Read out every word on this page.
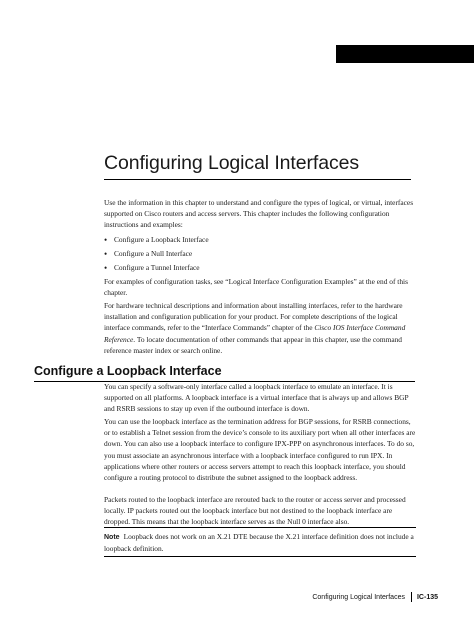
Configuring Logical Interfaces

Use the information in this chapter to understand and configure the types of logical, or virtual, interfaces supported on Cisco routers and access servers. This chapter includes the following configuration instructions and examples:

• Configure a Loopback Interface
• Configure a Null Interface
• Configure a Tunnel Interface

For examples of configuration tasks, see “Logical Interface Configuration Examples” at the end of this chapter.

For hardware technical descriptions and information about installing interfaces, refer to the hardware installation and configuration publication for your product. For complete descriptions of the logical interface commands, refer to the “Interface Commands” chapter of the Cisco IOS Interface Command Reference. To locate documentation of other commands that appear in this chapter, use the command reference master index or search online.

Configure a Loopback Interface

You can specify a software-only interface called a loopback interface to emulate an interface. It is supported on all platforms. A loopback interface is a virtual interface that is always up and allows BGP and RSRB sessions to stay up even if the outbound interface is down.

You can use the loopback interface as the termination address for BGP sessions, for RSRB connections, or to establish a Telnet session from the device’s console to its auxiliary port when all other interfaces are down. You can also use a loopback interface to configure IPX-PPP on asynchronous interfaces. To do so, you must associate an asynchronous interface with a loopback interface configured to run IPX. In applications where other routers or access servers attempt to reach this loopback interface, you should configure a routing protocol to distribute the subnet assigned to the loopback address.

Packets routed to the loopback interface are rerouted back to the router or access server and processed locally. IP packets routed out the loopback interface but not destined to the loopback interface are dropped. This means that the loopback interface serves as the Null 0 interface also.

Note Loopback does not work on an X.21 DTE because the X.21 interface definition does not include a loopback definition.

Configuring Logical Interfaces IC-135
